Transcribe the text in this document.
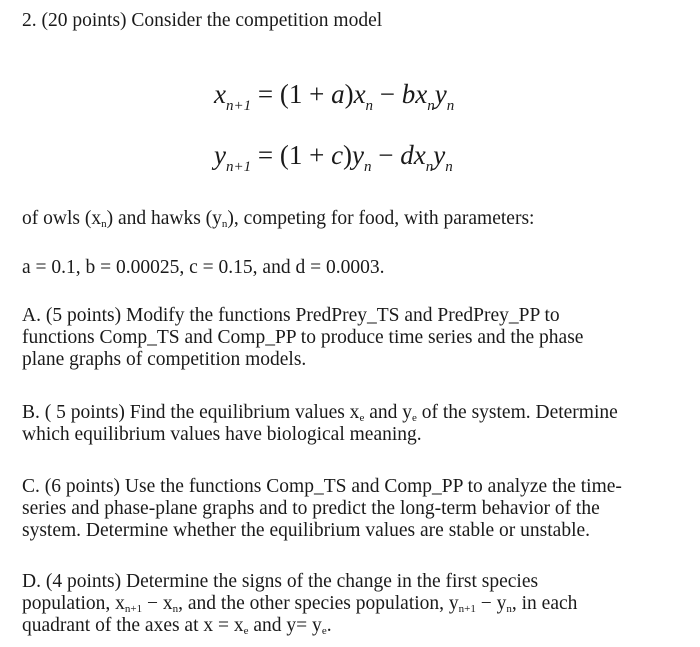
2. (20 points) Consider the competition model
$x_{n+1} = (1 + a)x_n - bx_ny_n$
$y_{n+1} = (1 + c)y_n - dx_ny_n$
of owls $(x_n)$ and hawks $(y_n)$, competing for food, with parameters:
a = 0.1, b = 0.00025, c = 0.15, and d = 0.0003.
A. (5 points) Modify the functions PredPrey_TS and PredPrey_PP to
functions Comp_TS and Comp_PP to produce time series and the phase
plane graphs of competition models.
B. ( 5 points) Find the equilibrium values $x_e$ and $y_e$ of the system. Determine
which equilibrium values have biological meaning.
C. (6 points) Use the functions Comp_TS and Comp_PP to analyze the time-
series and phase-plane graphs and to predict the long-term behavior of the
system. Determine whether the equilibrium values are stable or unstable.
D. (4 points) Determine the signs of the change in the first species
population, $x_{n+1} - x_n$, and the other species population, $y_{n+1} - y_n$, in each
quadrant of the axes at $x = x_e$ and $y= y_e$.
